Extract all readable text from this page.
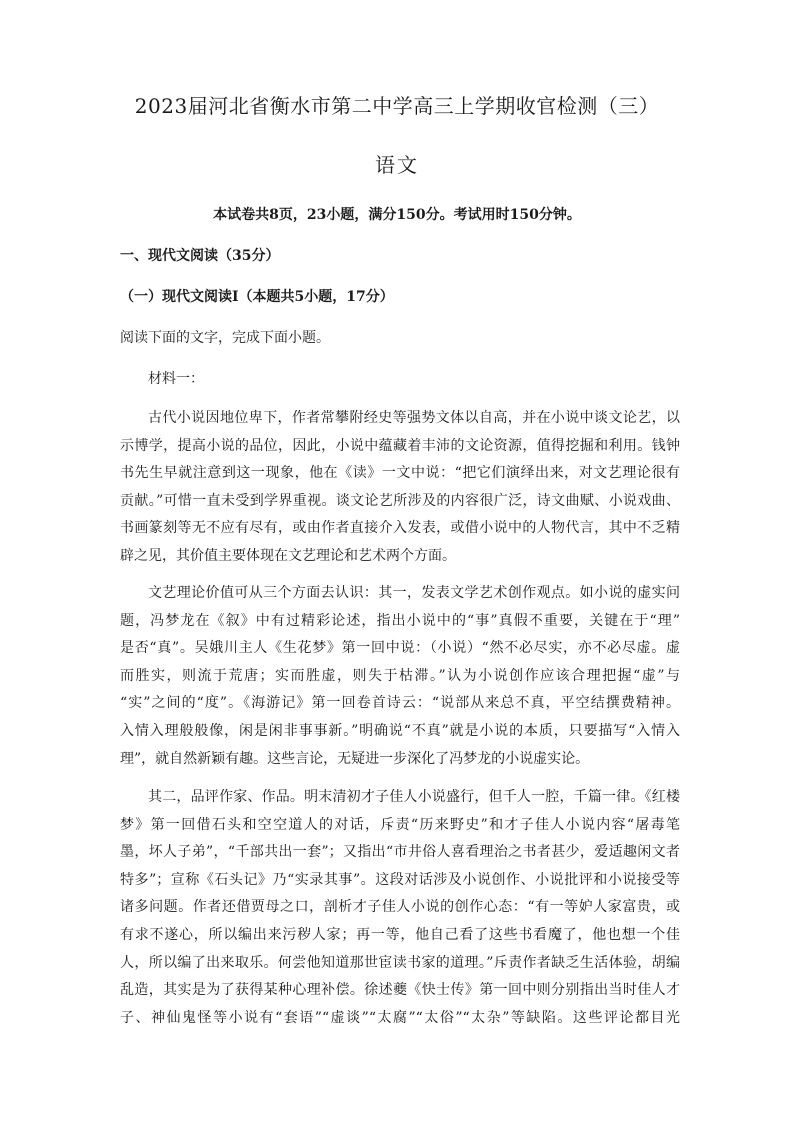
2023届河北省衡水市第二中学高三上学期收官检测（三）
语文
本试卷共8页，23小题，满分150分。考试用时150分钟。
一、现代文阅读（35分）
（一）现代文阅读Ⅰ（本题共5小题，17分）
阅读下面的文字，完成下面小题。
材料一：
古代小说因地位卑下，作者常攀附经史等强势文体以自高，并在小说中谈文论艺，以
示博学，提高小说的品位，因此，小说中蕴藏着丰沛的文论资源，值得挖掘和利用。钱钟
书先生早就注意到这一现象，他在《读》一文中说：“把它们演绎出来，对文艺理论很有
贡献。”可惜一直未受到学界重视。谈文论艺所涉及的内容很广泛，诗文曲赋、小说戏曲、
书画篆刻等无不应有尽有，或由作者直接介入发表，或借小说中的人物代言，其中不乏精
辟之见，其价值主要体现在文艺理论和艺术两个方面。
文艺理论价值可从三个方面去认识：其一，发表文学艺术创作观点。如小说的虚实问
题，冯梦龙在《叙》中有过精彩论述，指出小说中的“事”真假不重要，关键在于“理”
是否“真”。吴娥川主人《生花梦》第一回中说：（小说）“然不必尽实，亦不必尽虚。虚
而胜实，则流于荒唐；实而胜虚，则失于枯滞。”认为小说创作应该合理把握“虚”与
“实”之间的“度”。《海游记》第一回卷首诗云：“说部从来总不真，平空结撰费精神。
入情入理般般像，闲是闲非事事新。”明确说“不真”就是小说的本质，只要描写“入情入
理”，就自然新颖有趣。这些言论，无疑进一步深化了冯梦龙的小说虚实论。
其二，品评作家、作品。明末清初才子佳人小说盛行，但千人一腔，千篇一律。《红楼
梦》第一回借石头和空空道人的对话，斥责“历来野史”和才子佳人小说内容“屠毒笔
墨，坏人子弟”，“千部共出一套”；又指出“市井俗人喜看理治之书者甚少，爱适趣闲文者
特多”；宣称《石头记》乃“实录其事”。这段对话涉及小说创作、小说批评和小说接受等
诸多问题。作者还借贾母之口，剖析才子佳人小说的创作心态：“有一等妒人家富贵，或
有求不遂心，所以编出来污秽人家；再一等，他自己看了这些书看魔了，他也想一个佳
人，所以编了出来取乐。何尝他知道那世宦读书家的道理。”斥责作者缺乏生活体验，胡编
乱造，其实是为了获得某种心理补偿。徐述夔《快士传》第一回中则分别指出当时佳人才
子、神仙鬼怪等小说有“套语”“虚谈”“太腐”“太俗”“太杂”等缺陷。这些评论都目光
